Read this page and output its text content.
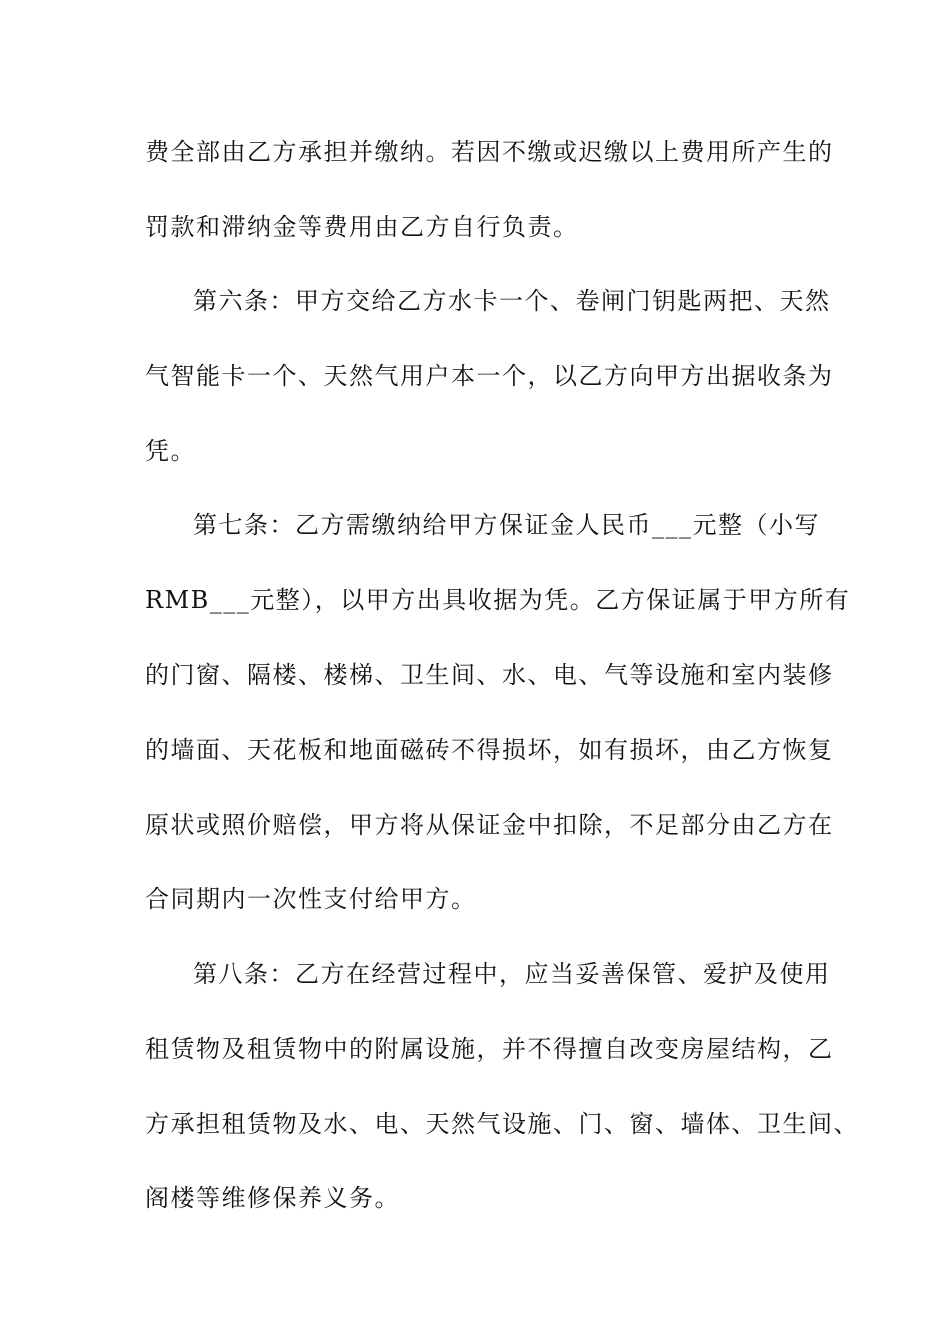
费全部由乙方承担并缴纳。若因不缴或迟缴以上费用所产生的
罚款和滞纳金等费用由乙方自行负责。
第六条：甲方交给乙方水卡一个、卷闸门钥匙两把、天然
气智能卡一个、天然气用户本一个，以乙方向甲方出据收条为
凭。
第七条：乙方需缴纳给甲方保证金人民币___元整（小写
RMB___元整），以甲方出具收据为凭。乙方保证属于甲方所有
的门窗、隔楼、楼梯、卫生间、水、电、气等设施和室内装修
的墙面、天花板和地面磁砖不得损坏，如有损坏，由乙方恢复
原状或照价赔偿，甲方将从保证金中扣除，不足部分由乙方在
合同期内一次性支付给甲方。
第八条：乙方在经营过程中，应当妥善保管、爱护及使用
租赁物及租赁物中的附属设施，并不得擅自改变房屋结构，乙
方承担租赁物及水、电、天然气设施、门、窗、墙体、卫生间、
阁楼等维修保养义务。
